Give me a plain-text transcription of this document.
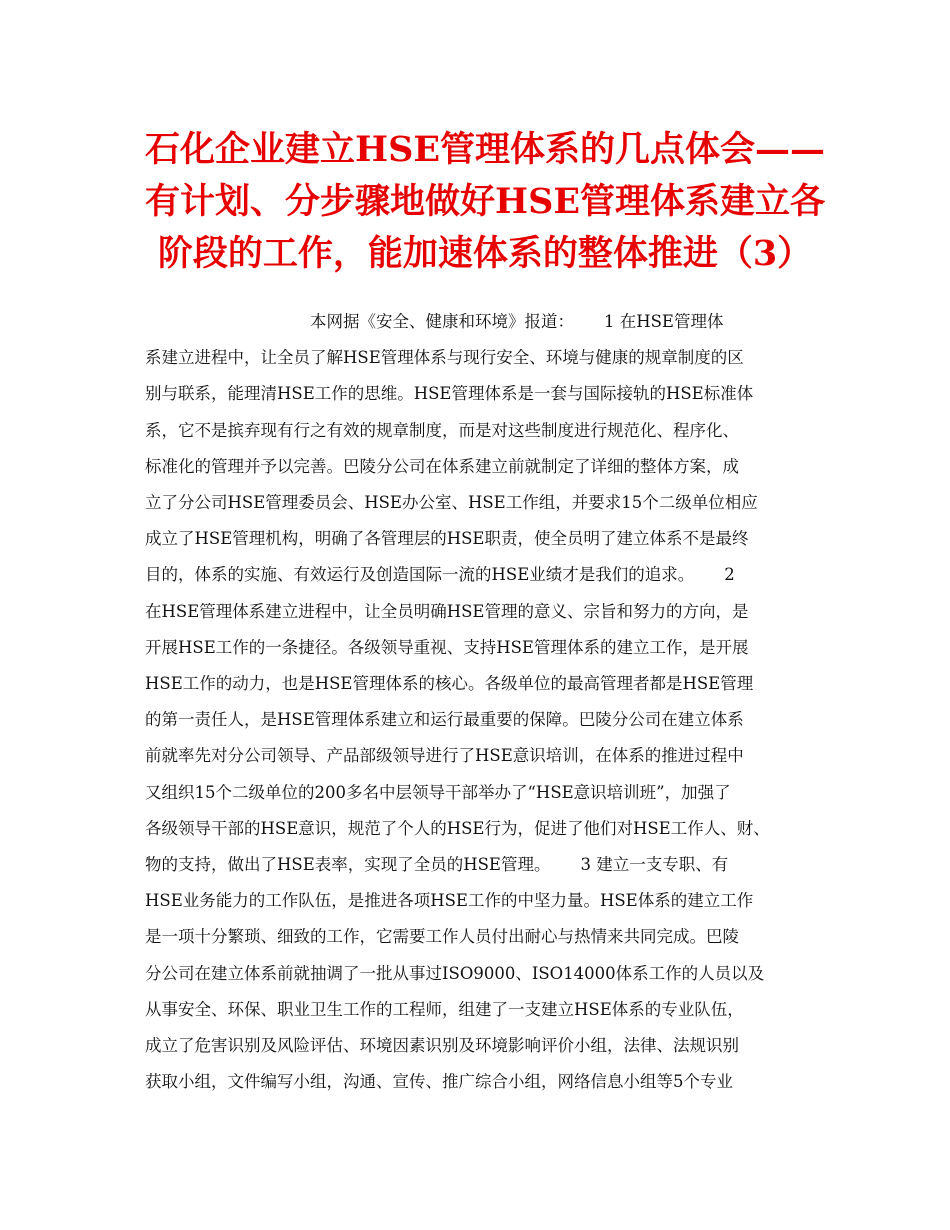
石化企业建立HSE管理体系的几点体会——
有计划、分步骤地做好HSE管理体系建立各
阶段的工作，能加速体系的整体推进（3）
　　　　　　　　　　本网据《安全、健康和环境》报道：　　 1 在HSE管理体
系建立进程中，让全员了解HSE管理体系与现行安全、环境与健康的规章制度的区
别与联系，能理清HSE工作的思维。HSE管理体系是一套与国际接轨的HSE标准体
系，它不是摈弃现有行之有效的规章制度，而是对这些制度进行规范化、程序化、
标准化的管理并予以完善。巴陵分公司在体系建立前就制定了详细的整体方案，成
立了分公司HSE管理委员会、HSE办公室、HSE工作组，并要求15个二级单位相应
成立了HSE管理机构，明确了各管理层的HSE职责，使全员明了建立体系不是最终
目的，体系的实施、有效运行及创造国际一流的HSE业绩才是我们的追求。　　 2
在HSE管理体系建立进程中，让全员明确HSE管理的意义、宗旨和努力的方向，是
开展HSE工作的一条捷径。各级领导重视、支持HSE管理体系的建立工作，是开展
HSE工作的动力，也是HSE管理体系的核心。各级单位的最高管理者都是HSE管理
的第一责任人，是HSE管理体系建立和运行最重要的保障。巴陵分公司在建立体系
前就率先对分公司领导、产品部级领导进行了HSE意识培训，在体系的推进过程中
又组织15个二级单位的200多名中层领导干部举办了“HSE意识培训班”，加强了
各级领导干部的HSE意识，规范了个人的HSE行为，促进了他们对HSE工作人、财、
物的支持，做出了HSE表率，实现了全员的HSE管理。　　 3 建立一支专职、有
HSE业务能力的工作队伍，是推进各项HSE工作的中坚力量。HSE体系的建立工作
是一项十分繁琐、细致的工作，它需要工作人员付出耐心与热情来共同完成。巴陵
分公司在建立体系前就抽调了一批从事过ISO9000、ISO14000体系工作的人员以及
从事安全、环保、职业卫生工作的工程师，组建了一支建立HSE体系的专业队伍，
成立了危害识别及风险评估、环境因素识别及环境影响评价小组，法律、法规识别
获取小组，文件编写小组，沟通、宣传、推广综合小组，网络信息小组等5个专业
